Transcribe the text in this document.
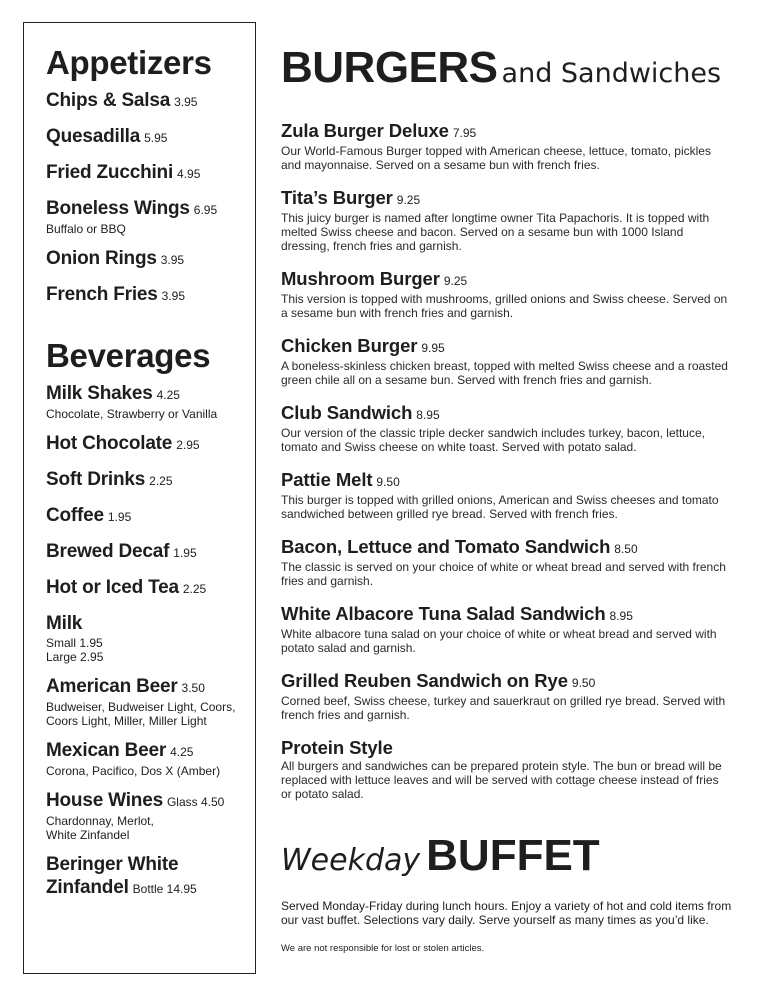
Appetizers
Chips & Salsa 3.95
Quesadilla 5.95
Fried Zucchini 4.95
Boneless Wings 6.95
Buffalo or BBQ
Onion Rings 3.95
French Fries 3.95
Beverages
Milk Shakes 4.25
Chocolate, Strawberry or Vanilla
Hot Chocolate 2.95
Soft Drinks 2.25
Coffee 1.95
Brewed Decaf 1.95
Hot or Iced Tea 2.25
Milk
Small 1.95
Large 2.95
American Beer 3.50
Budweiser, Budweiser Light, Coors,
Coors Light, Miller, Miller Light
Mexican Beer 4.25
Corona, Pacifico, Dos X (Amber)
House Wines Glass 4.50
Chardonnay, Merlot,
White Zinfandel
Beringer White
Zinfandel Bottle 14.95
BURGERS and Sandwiches
Zula Burger Deluxe 7.95
Our World-Famous Burger topped with American cheese, lettuce, tomato, pickles and mayonnaise. Served on a sesame bun with french fries.
Tita’s Burger 9.25
This juicy burger is named after longtime owner Tita Papachoris. It is topped with melted Swiss cheese and bacon. Served on a sesame bun with 1000 Island dressing, french fries and garnish.
Mushroom Burger 9.25
This version is topped with mushrooms, grilled onions and Swiss cheese. Served on a sesame bun with french fries and garnish.
Chicken Burger 9.95
A boneless-skinless chicken breast, topped with melted Swiss cheese and a roasted green chile all on a sesame bun. Served with french fries and garnish.
Club Sandwich 8.95
Our version of the classic triple decker sandwich includes turkey, bacon, lettuce, tomato and Swiss cheese on white toast. Served with potato salad.
Pattie Melt 9.50
This burger is topped with grilled onions, American and Swiss cheeses and tomato sandwiched between grilled rye bread. Served with french fries.
Bacon, Lettuce and Tomato Sandwich 8.50
The classic is served on your choice of white or wheat bread and served with french fries and garnish.
White Albacore Tuna Salad Sandwich 8.95
White albacore tuna salad on your choice of white or wheat bread and served with potato salad and garnish.
Grilled Reuben Sandwich on Rye 9.50
Corned beef, Swiss cheese, turkey and sauerkraut on grilled rye bread. Served with french fries and garnish.
Protein Style
All burgers and sandwiches can be prepared protein style. The bun or bread will be replaced with lettuce leaves and will be served with cottage cheese instead of fries or potato salad.
Weekday BUFFET
Served Monday-Friday during lunch hours. Enjoy a variety of hot and cold items from our vast buffet. Selections vary daily. Serve yourself as many times as you’d like.
We are not responsible for lost or stolen articles.
